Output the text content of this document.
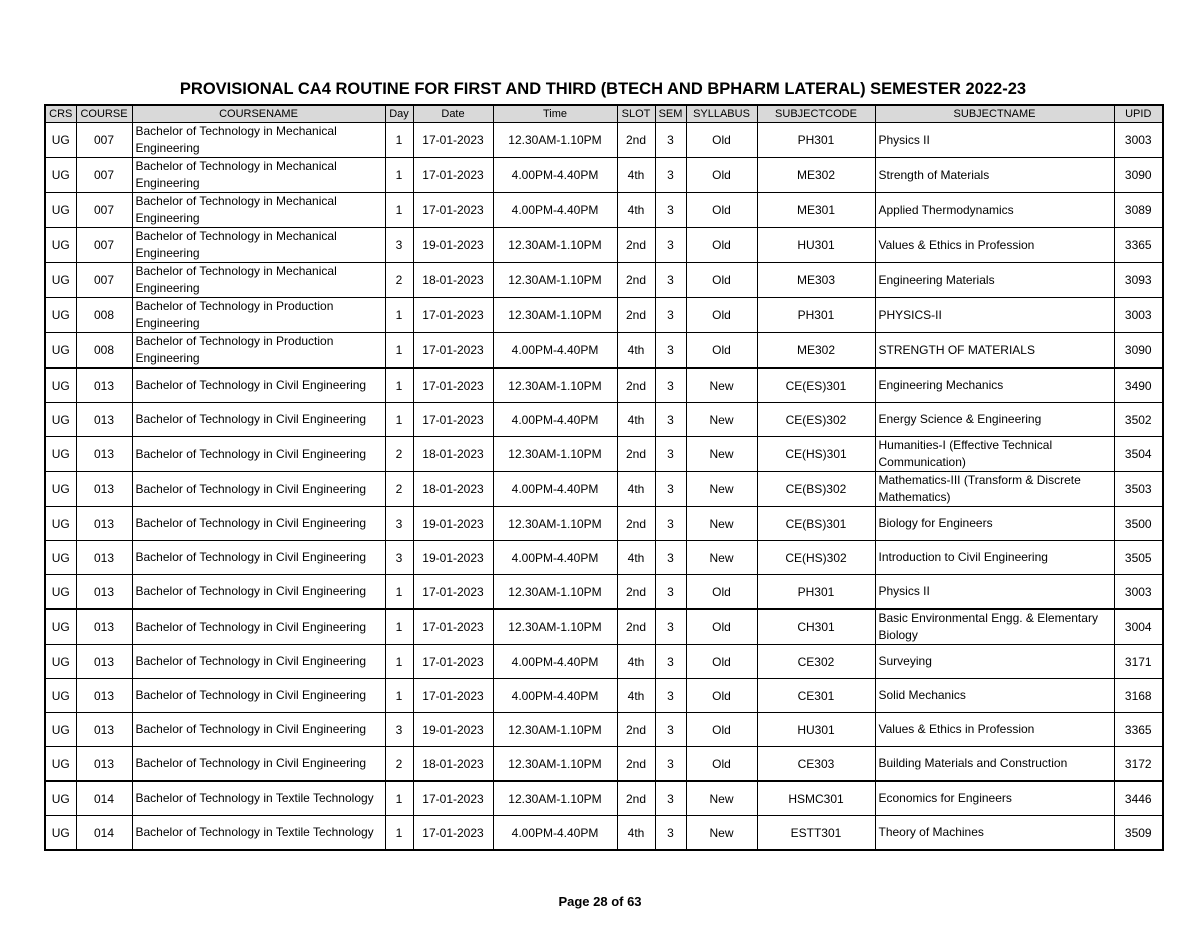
PROVISIONAL CA4 ROUTINE FOR FIRST AND THIRD (BTECH AND BPHARM LATERAL) SEMESTER 2022-23
CRS	COURSE	COURSENAME	Day	Date	Time	SLOT	SEM	SYLLABUS	SUBJECTCODE	SUBJECTNAME	UPID
UG	007	Bachelor of Technology in Mechanical Engineering	1	17-01-2023	12.30AM-1.10PM	2nd	3	Old	PH301	Physics II	3003
UG	007	Bachelor of Technology in Mechanical Engineering	1	17-01-2023	4.00PM-4.40PM	4th	3	Old	ME302	Strength of Materials	3090
UG	007	Bachelor of Technology in Mechanical Engineering	1	17-01-2023	4.00PM-4.40PM	4th	3	Old	ME301	Applied Thermodynamics	3089
UG	007	Bachelor of Technology in Mechanical Engineering	3	19-01-2023	12.30AM-1.10PM	2nd	3	Old	HU301	Values & Ethics in Profession	3365
UG	007	Bachelor of Technology in Mechanical Engineering	2	18-01-2023	12.30AM-1.10PM	2nd	3	Old	ME303	Engineering Materials	3093
UG	008	Bachelor of Technology in Production Engineering	1	17-01-2023	12.30AM-1.10PM	2nd	3	Old	PH301	PHYSICS-II	3003
UG	008	Bachelor of Technology in Production Engineering	1	17-01-2023	4.00PM-4.40PM	4th	3	Old	ME302	STRENGTH OF MATERIALS	3090
UG	013	Bachelor of Technology in Civil Engineering	1	17-01-2023	12.30AM-1.10PM	2nd	3	New	CE(ES)301	Engineering Mechanics	3490
UG	013	Bachelor of Technology in Civil Engineering	1	17-01-2023	4.00PM-4.40PM	4th	3	New	CE(ES)302	Energy Science & Engineering	3502
UG	013	Bachelor of Technology in Civil Engineering	2	18-01-2023	12.30AM-1.10PM	2nd	3	New	CE(HS)301	Humanities-I (Effective Technical Communication)	3504
UG	013	Bachelor of Technology in Civil Engineering	2	18-01-2023	4.00PM-4.40PM	4th	3	New	CE(BS)302	Mathematics-III (Transform & Discrete Mathematics)	3503
UG	013	Bachelor of Technology in Civil Engineering	3	19-01-2023	12.30AM-1.10PM	2nd	3	New	CE(BS)301	Biology for Engineers	3500
UG	013	Bachelor of Technology in Civil Engineering	3	19-01-2023	4.00PM-4.40PM	4th	3	New	CE(HS)302	Introduction to Civil Engineering	3505
UG	013	Bachelor of Technology in Civil Engineering	1	17-01-2023	12.30AM-1.10PM	2nd	3	Old	PH301	Physics II	3003
UG	013	Bachelor of Technology in Civil Engineering	1	17-01-2023	12.30AM-1.10PM	2nd	3	Old	CH301	Basic Environmental Engg. & Elementary Biology	3004
UG	013	Bachelor of Technology in Civil Engineering	1	17-01-2023	4.00PM-4.40PM	4th	3	Old	CE302	Surveying	3171
UG	013	Bachelor of Technology in Civil Engineering	1	17-01-2023	4.00PM-4.40PM	4th	3	Old	CE301	Solid Mechanics	3168
UG	013	Bachelor of Technology in Civil Engineering	3	19-01-2023	12.30AM-1.10PM	2nd	3	Old	HU301	Values & Ethics in Profession	3365
UG	013	Bachelor of Technology in Civil Engineering	2	18-01-2023	12.30AM-1.10PM	2nd	3	Old	CE303	Building Materials and Construction	3172
UG	014	Bachelor of Technology in Textile Technology	1	17-01-2023	12.30AM-1.10PM	2nd	3	New	HSMC301	Economics for Engineers	3446
UG	014	Bachelor of Technology in Textile Technology	1	17-01-2023	4.00PM-4.40PM	4th	3	New	ESTT301	Theory of Machines	3509
Page 28 of 63
